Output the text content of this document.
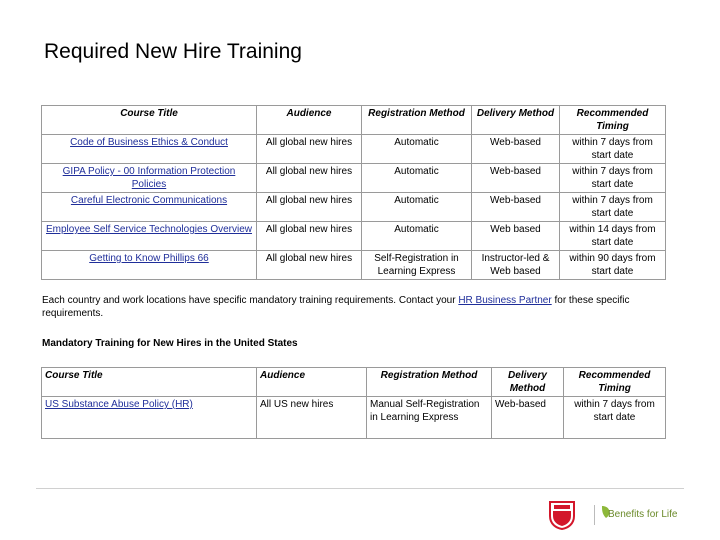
Required New Hire Training
Course Title	Audience	Registration Method	Delivery Method	Recommended Timing
Code of Business Ethics & Conduct	All global new hires	Automatic	Web-based	within 7 days from start date
GIPA Policy - 00 Information Protection Policies	All global new hires	Automatic	Web-based	within 7 days from start date
Careful Electronic Communications	All global new hires	Automatic	Web-based	within 7 days from start date
Employee Self Service Technologies Overview	All global new hires	Automatic	Web based	within 14 days from start date
Getting to Know Phillips 66	All global new hires	Self-Registration in Learning Express	Instructor-led & Web based	within 90 days from start date
Each country and work locations have specific mandatory training requirements. Contact your HR Business Partner for these specific requirements.
Mandatory Training for New Hires in the United States
Course Title	Audience	Registration Method	Delivery Method	Recommended Timing
US Substance Abuse Policy (HR)	All US new hires	Manual Self-Registration in Learning Express	Web-based	within 7 days from start date
Benefits for Life
